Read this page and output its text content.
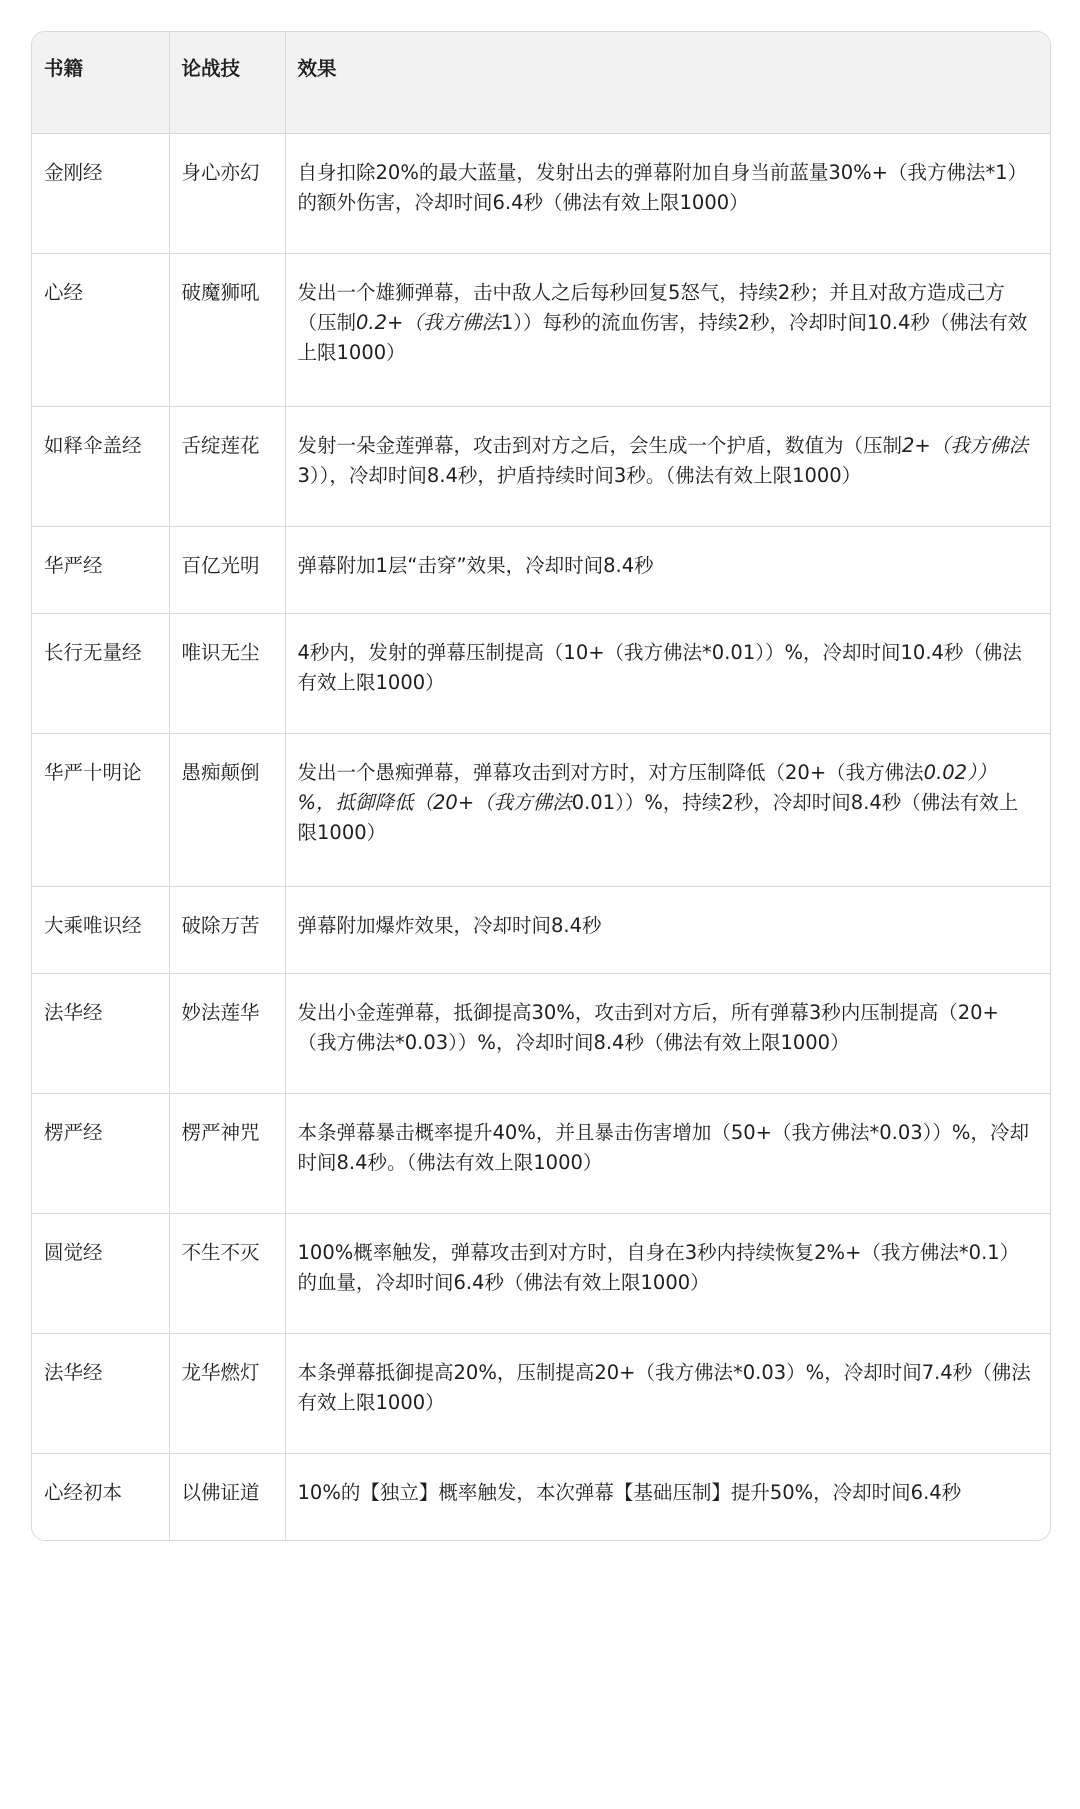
书籍	论战技	效果
金刚经	身心亦幻	自身扣除20%的最大蓝量，发射出去的弹幕附加自身当前蓝量30%+（我方佛法*1）的额外伤害，冷却时间6.4秒（佛法有效上限1000）
心经	破魔狮吼	发出一个雄狮弹幕，击中敌人之后每秒回复5怒气，持续2秒；并且对敌方造成己方（压制0.2+（我方佛法1））每秒的流血伤害，持续2秒，冷却时间10.4秒（佛法有效上限1000）
如释伞盖经	舌绽莲花	发射一朵金莲弹幕，攻击到对方之后，会生成一个护盾，数值为（压制2+（我方佛法3）），冷却时间8.4秒，护盾持续时间3秒。（佛法有效上限1000）
华严经	百亿光明	弹幕附加1层“击穿”效果，冷却时间8.4秒
长行无量经	唯识无尘	4秒内，发射的弹幕压制提高（10+（我方佛法*0.01））%，冷却时间10.4秒（佛法有效上限1000）
华严十明论	愚痴颠倒	发出一个愚痴弹幕，弹幕攻击到对方时，对方压制降低（20+（我方佛法0.02））%，抵御降低（20+（我方佛法0.01））%，持续2秒，冷却时间8.4秒（佛法有效上限1000）
大乘唯识经	破除万苦	弹幕附加爆炸效果，冷却时间8.4秒
法华经	妙法莲华	发出小金莲弹幕，抵御提高30%，攻击到对方后，所有弹幕3秒内压制提高（20+（我方佛法*0.03））%，冷却时间8.4秒（佛法有效上限1000）
楞严经	楞严神咒	本条弹幕暴击概率提升40%，并且暴击伤害增加（50+（我方佛法*0.03））%，冷却时间8.4秒。（佛法有效上限1000）
圆觉经	不生不灭	100%概率触发，弹幕攻击到对方时，自身在3秒内持续恢复2%+（我方佛法*0.1）的血量，冷却时间6.4秒（佛法有效上限1000）
法华经	龙华燃灯	本条弹幕抵御提高20%，压制提高20+（我方佛法*0.03）%，冷却时间7.4秒（佛法有效上限1000）
心经初本	以佛证道	10%的【独立】概率触发，本次弹幕【基础压制】提升50%，冷却时间6.4秒
